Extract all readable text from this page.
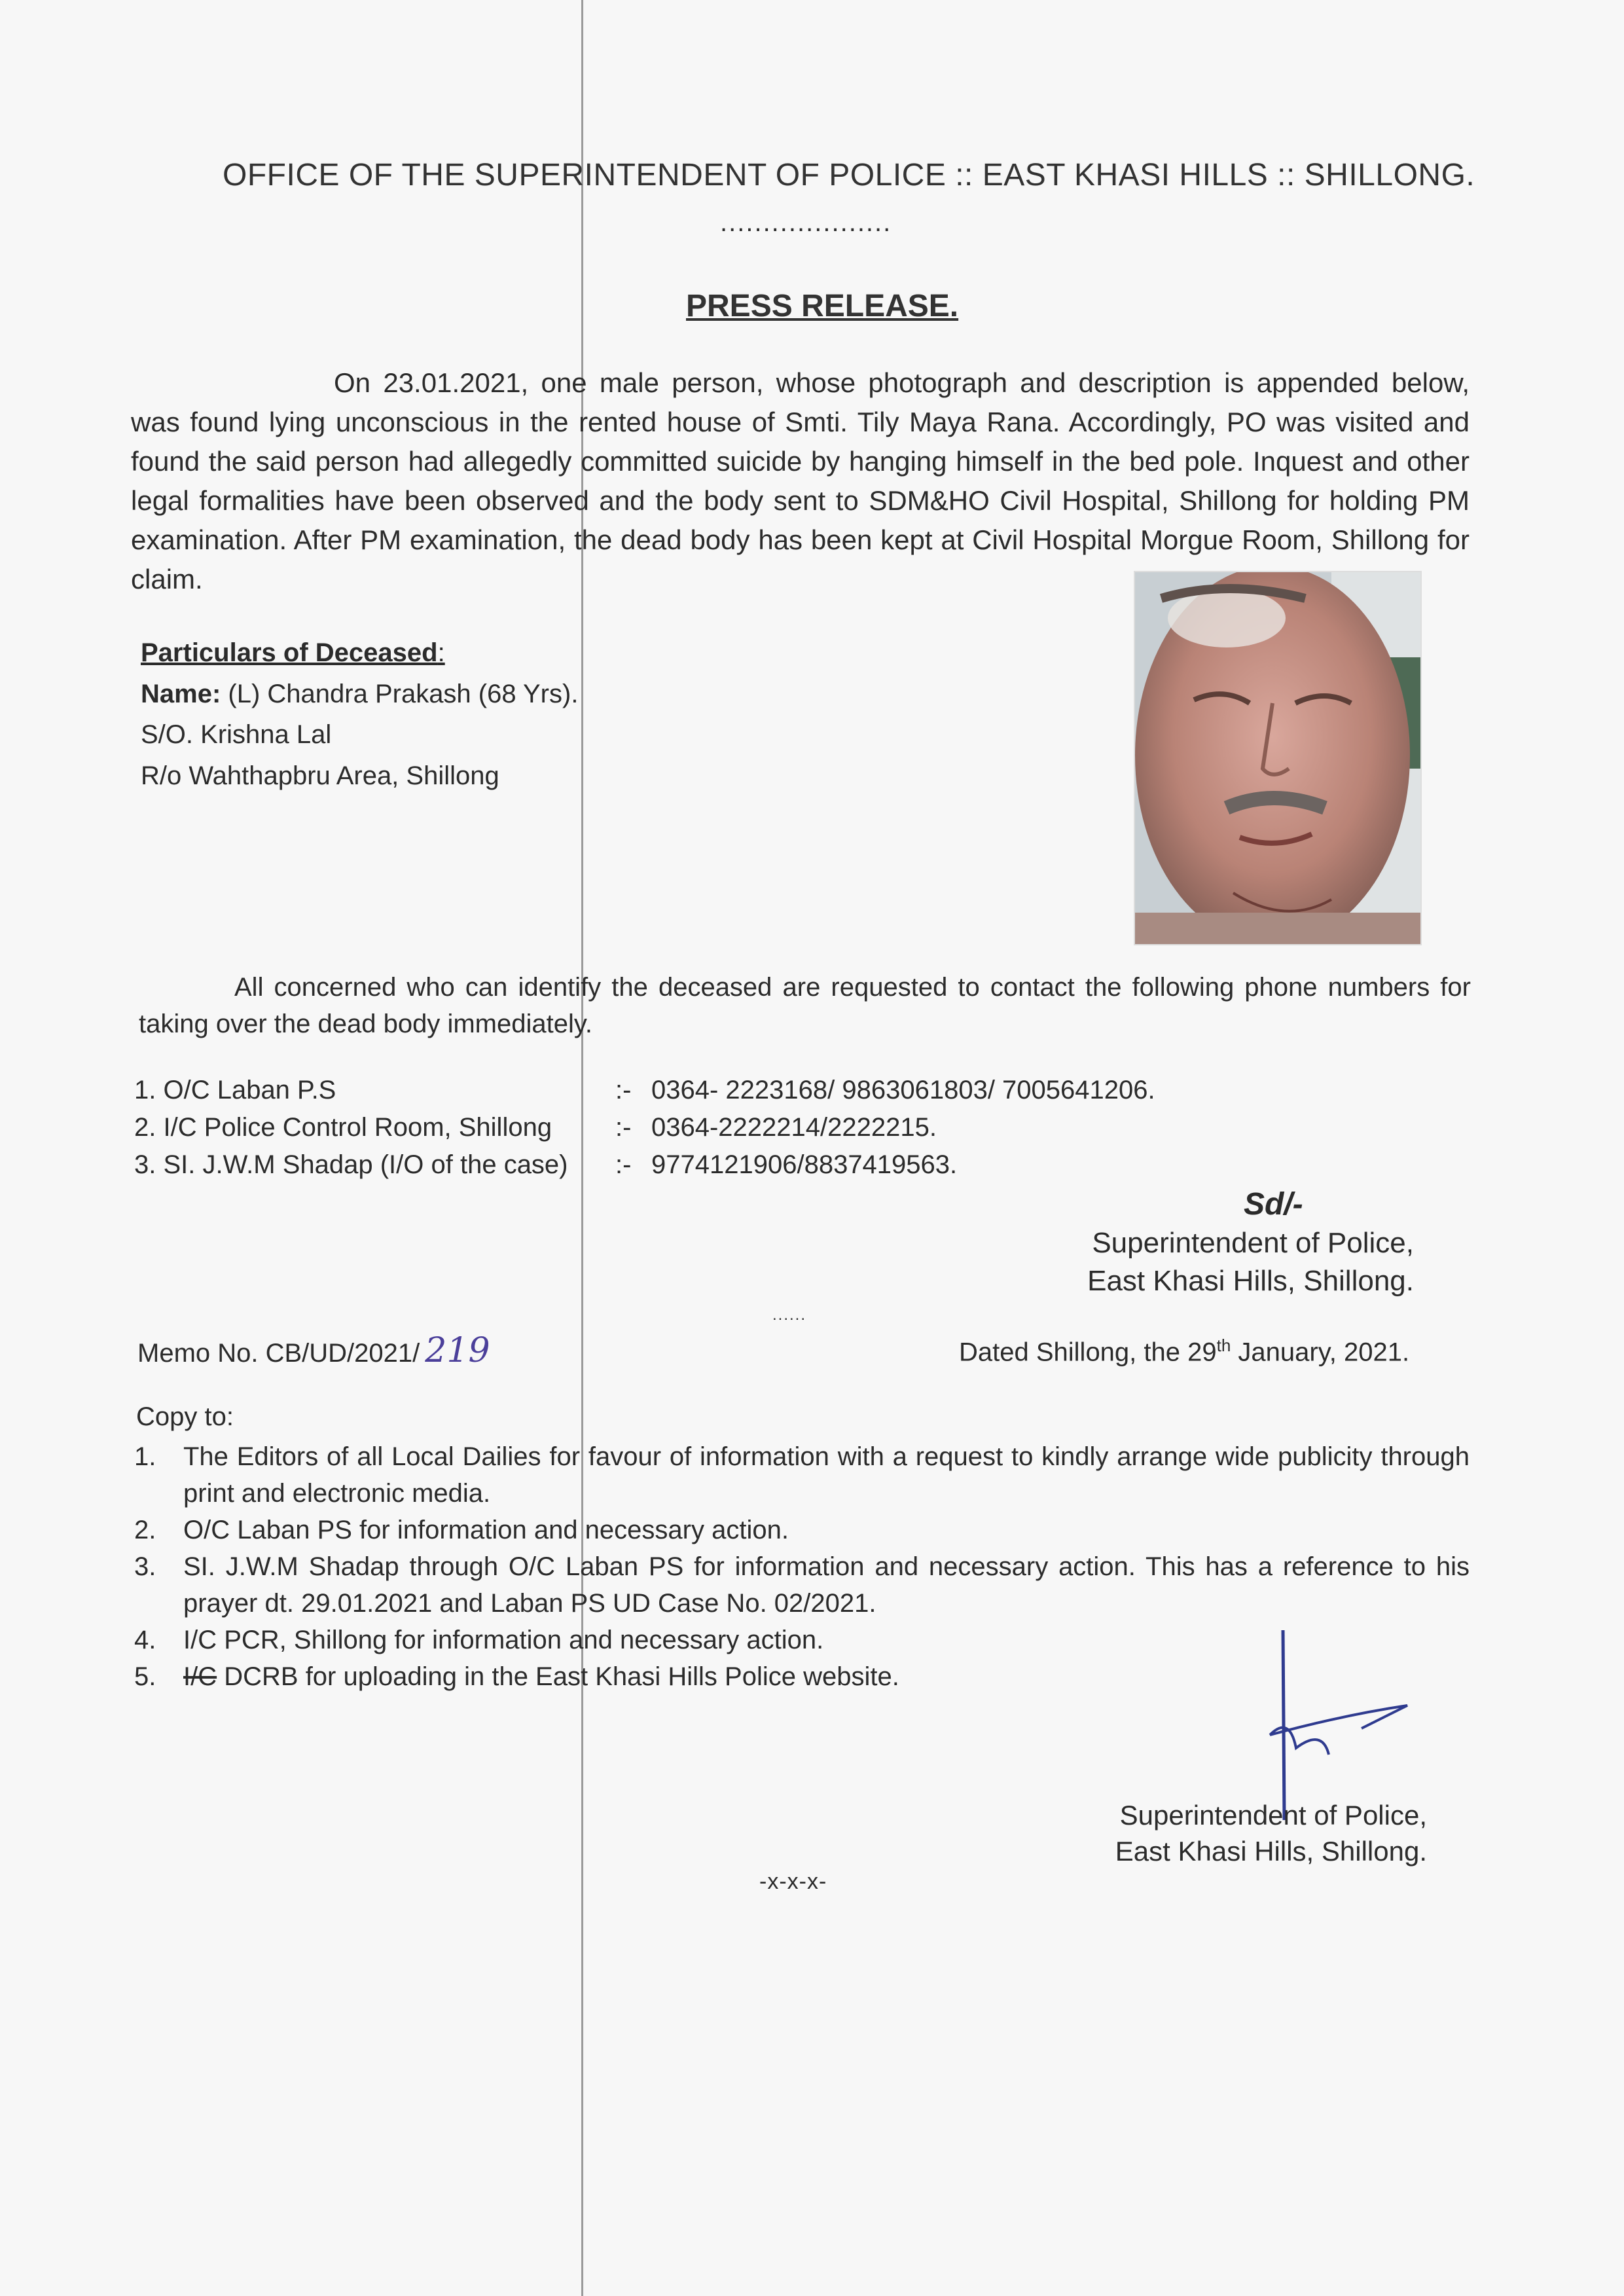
OFFICE OF THE SUPERINTENDENT OF POLICE :: EAST KHASI HILLS :: SHILLONG.
....................
PRESS RELEASE.

On 23.01.2021, one male person, whose photograph and description is appended below, was found lying unconscious in the rented house of Smti. Tily Maya Rana. Accordingly, PO was visited and found the said person had allegedly committed suicide by hanging himself in the bed pole. Inquest and other legal formalities have been observed and the body sent to SDM&HO Civil Hospital, Shillong for holding PM examination. After PM examination, the dead body has been kept at Civil Hospital Morgue Room, Shillong for claim.

Particulars of Deceased:
Name: (L) Chandra Prakash (68 Yrs).
S/O. Krishna Lal
R/o Wahthapbru Area, Shillong

All concerned who can identify the deceased are requested to contact the following phone numbers for taking over the dead body immediately.

1. O/C Laban P.S	:-	0364- 2223168/ 9863061803/ 7005641206.
2. I/C Police Control Room, Shillong	:-	0364-2222214/2222215.
3. SI. J.W.M Shadap (I/O of the case)	:-	9774121906/8837419563.
Sd/-
Superintendent of Police,
East Khasi Hills, Shillong.
......
Memo No. CB/UD/2021/ 219	Dated Shillong, the 29th January, 2021.
Copy to:
1.	The Editors of all Local Dailies for favour of information with a request to kindly arrange wide publicity through print and electronic media.
2.	O/C Laban PS for information and necessary action.
3.	SI. J.W.M Shadap through O/C Laban PS for information and necessary action. This has a reference to his prayer dt. 29.01.2021 and Laban PS UD Case No. 02/2021.
4.	I/C PCR, Shillong for information and necessary action.
5.	I/C DCRB for uploading in the East Khasi Hills Police website.
Superintendent of Police,
East Khasi Hills, Shillong.
-x-x-x-
